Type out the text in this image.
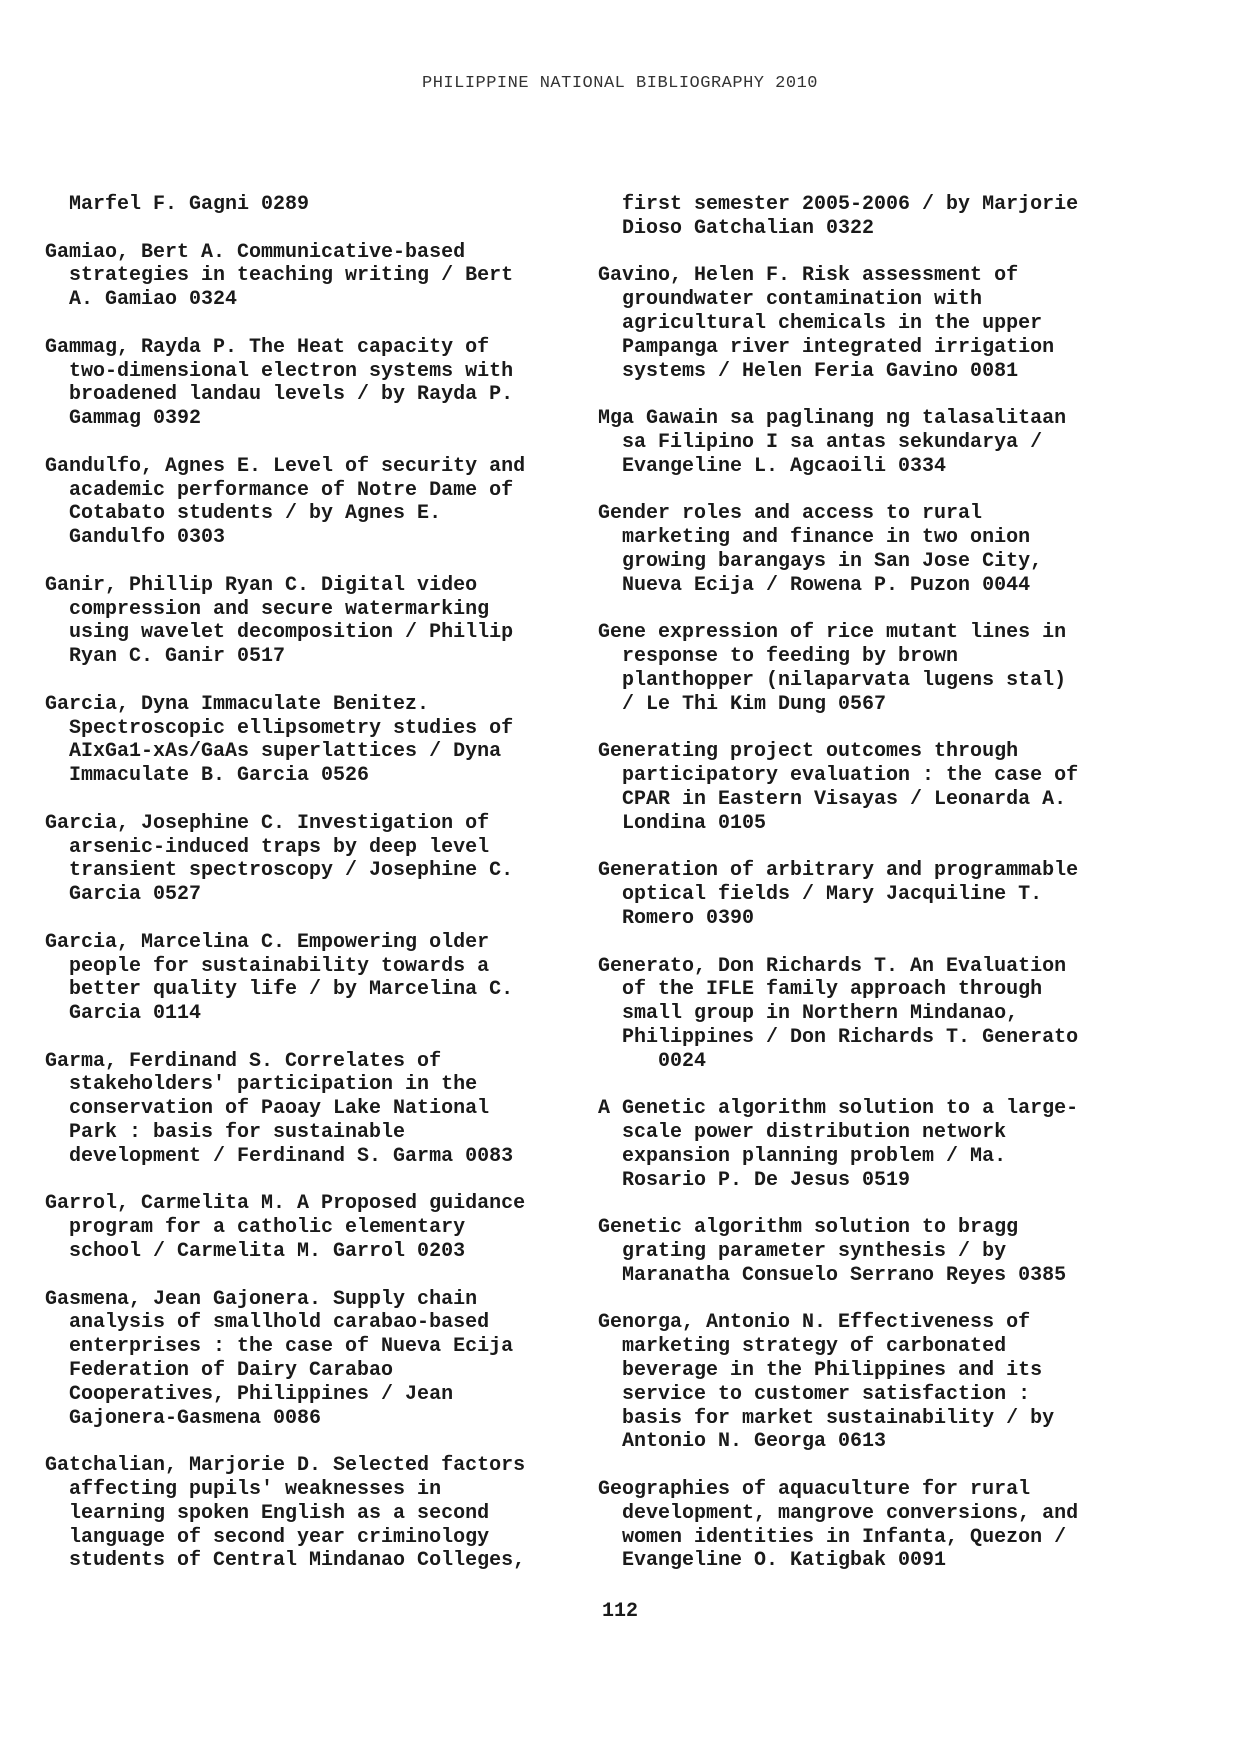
PHILIPPINE NATIONAL BIBLIOGRAPHY 2010
Marfel F. Gagni 0289
Gamiao, Bert A. Communicative-based
strategies in teaching writing / Bert
A. Gamiao 0324
Gammag, Rayda P. The Heat capacity of
two-dimensional electron systems with
broadened landau levels / by Rayda P.
Gammag 0392
Gandulfo, Agnes E. Level of security and
academic performance of Notre Dame of
Cotabato students / by Agnes E.
Gandulfo 0303
Ganir, Phillip Ryan C. Digital video
compression and secure watermarking
using wavelet decomposition / Phillip
Ryan C. Ganir 0517
Garcia, Dyna Immaculate Benitez.
Spectroscopic ellipsometry studies of
AIxGa1-xAs/GaAs superlattices / Dyna
Immaculate B. Garcia 0526
Garcia, Josephine C. Investigation of
arsenic-induced traps by deep level
transient spectroscopy / Josephine C.
Garcia 0527
Garcia, Marcelina C. Empowering older
people for sustainability towards a
better quality life / by Marcelina C.
Garcia 0114
Garma, Ferdinand S. Correlates of
stakeholders' participation in the
conservation of Paoay Lake National
Park : basis for sustainable
development / Ferdinand S. Garma 0083
Garrol, Carmelita M. A Proposed guidance
program for a catholic elementary
school / Carmelita M. Garrol 0203
Gasmena, Jean Gajonera. Supply chain
analysis of smallhold carabao-based
enterprises : the case of Nueva Ecija
Federation of Dairy Carabao
Cooperatives, Philippines / Jean
Gajonera-Gasmena 0086
Gatchalian, Marjorie D. Selected factors
affecting pupils' weaknesses in
learning spoken English as a second
language of second year criminology
students of Central Mindanao Colleges,
first semester 2005-2006 / by Marjorie
Dioso Gatchalian 0322
Gavino, Helen F. Risk assessment of
groundwater contamination with
agricultural chemicals in the upper
Pampanga river integrated irrigation
systems / Helen Feria Gavino 0081
Mga Gawain sa paglinang ng talasalitaan
sa Filipino I sa antas sekundarya /
Evangeline L. Agcaoili 0334
Gender roles and access to rural
marketing and finance in two onion
growing barangays in San Jose City,
Nueva Ecija / Rowena P. Puzon 0044
Gene expression of rice mutant lines in
response to feeding by brown
planthopper (nilaparvata lugens stal)
/ Le Thi Kim Dung 0567
Generating project outcomes through
participatory evaluation : the case of
CPAR in Eastern Visayas / Leonarda A.
Londina 0105
Generation of arbitrary and programmable
optical fields / Mary Jacquiline T.
Romero 0390
Generato, Don Richards T. An Evaluation
of the IFLE family approach through
small group in Northern Mindanao,
Philippines / Don Richards T. Generato
0024
A Genetic algorithm solution to a large-
scale power distribution network
expansion planning problem / Ma.
Rosario P. De Jesus 0519
Genetic algorithm solution to bragg
grating parameter synthesis / by
Maranatha Consuelo Serrano Reyes 0385
Genorga, Antonio N. Effectiveness of
marketing strategy of carbonated
beverage in the Philippines and its
service to customer satisfaction :
basis for market sustainability / by
Antonio N. Georga 0613
Geographies of aquaculture for rural
development, mangrove conversions, and
women identities in Infanta, Quezon /
Evangeline O. Katigbak 0091
112
